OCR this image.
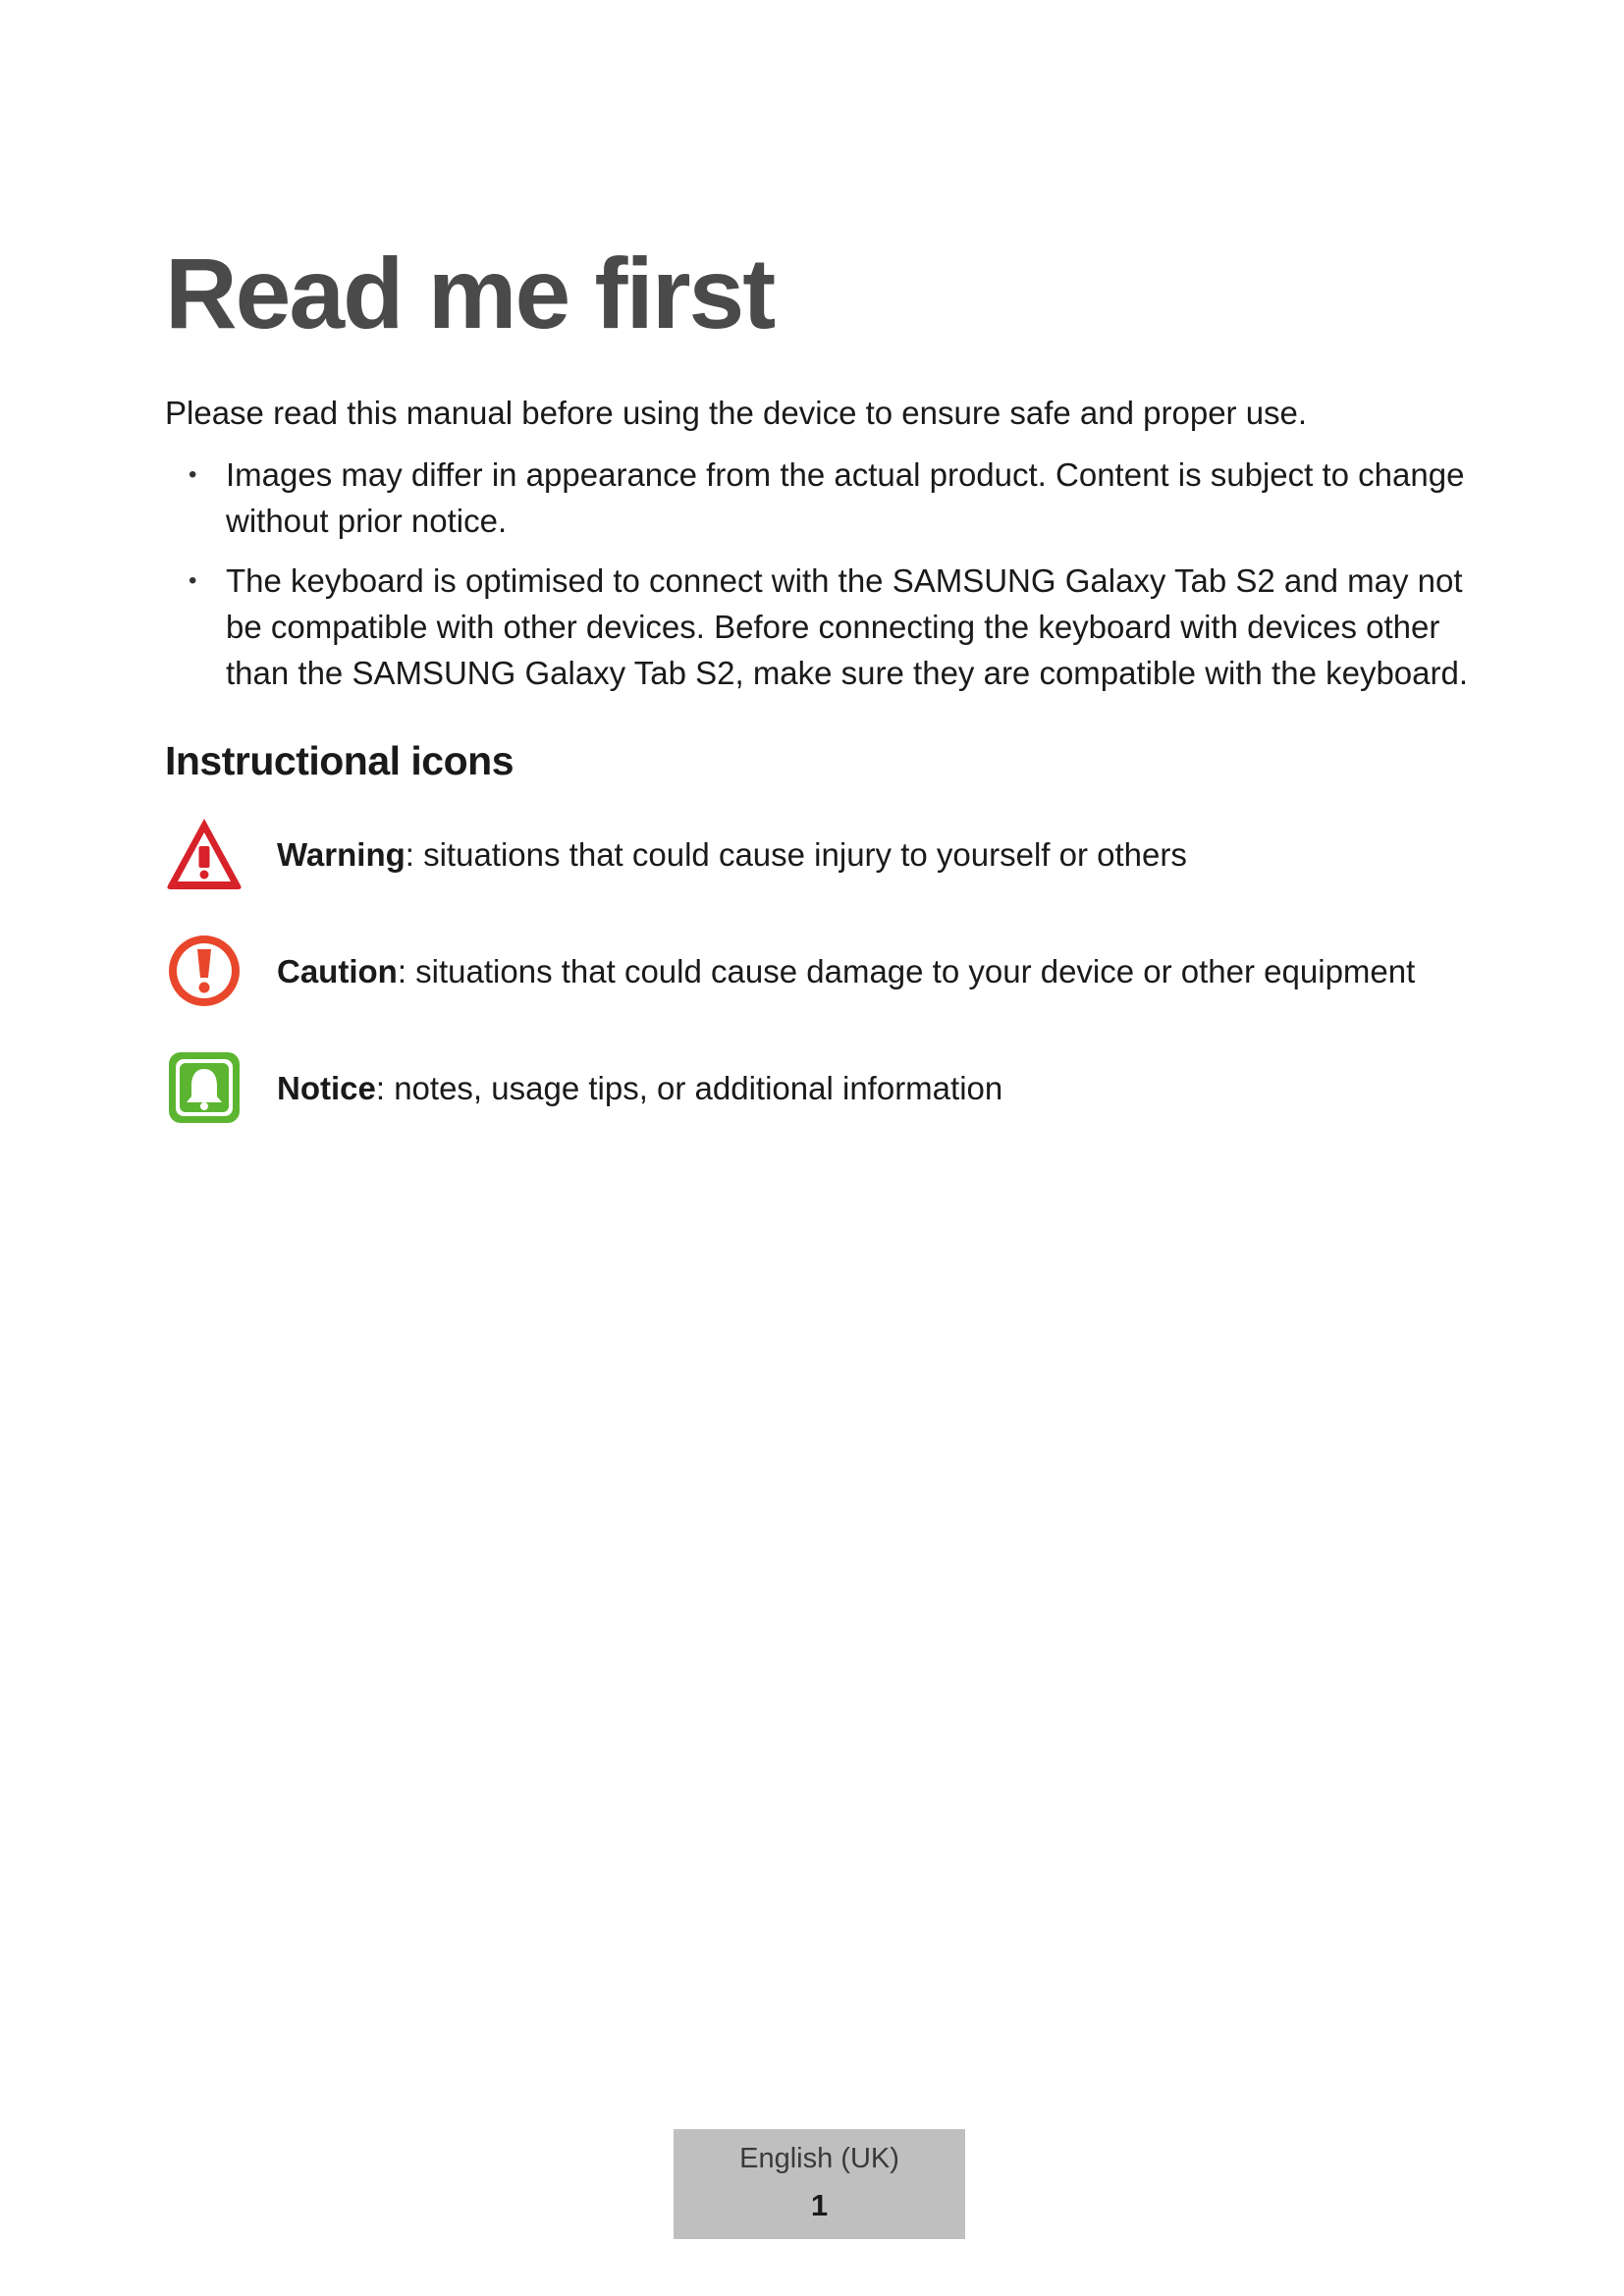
Read me first

Please read this manual before using the device to ensure safe and proper use.

• Images may differ in appearance from the actual product. Content is subject to change without prior notice.
• The keyboard is optimised to connect with the SAMSUNG Galaxy Tab S2 and may not be compatible with other devices. Before connecting the keyboard with devices other than the SAMSUNG Galaxy Tab S2, make sure they are compatible with the keyboard.
Instructional icons
Warning: situations that could cause injury to yourself or others
Caution: situations that could cause damage to your device or other equipment
Notice: notes, usage tips, or additional information
English (UK)
1
